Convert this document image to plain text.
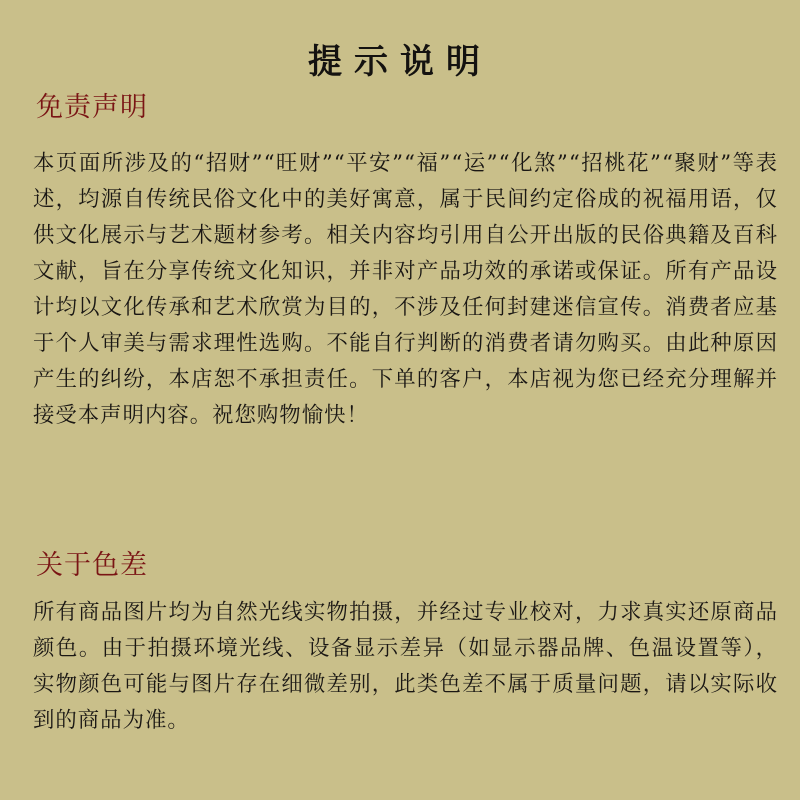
提示说明
免责声明

本页面所涉及的“招财”“旺财”“平安”“福”“运”“化煞”“招桃花”“聚财”等表述，均源自传统民俗文化中的美好寓意，属于民间约定俗成的祝福用语，仅供文化展示与艺术题材参考。相关内容均引用自公开出版的民俗典籍及百科文献，旨在分享传统文化知识，并非对产品功效的承诺或保证。所有产品设计均以文化传承和艺术欣赏为目的，不涉及任何封建迷信宣传。消费者应基于个人审美与需求理性选购。不能自行判断的消费者请勿购买。由此种原因产生的纠纷，本店恕不承担责任。下单的客户，本店视为您已经充分理解并接受本声明内容。祝您购物愉快！

关于色差

所有商品图片均为自然光线实物拍摄，并经过专业校对，力求真实还原商品颜色。由于拍摄环境光线、设备显示差异（如显示器品牌、色温设置等），实物颜色可能与图片存在细微差别，此类色差不属于质量问题，请以实际收到的商品为准。
